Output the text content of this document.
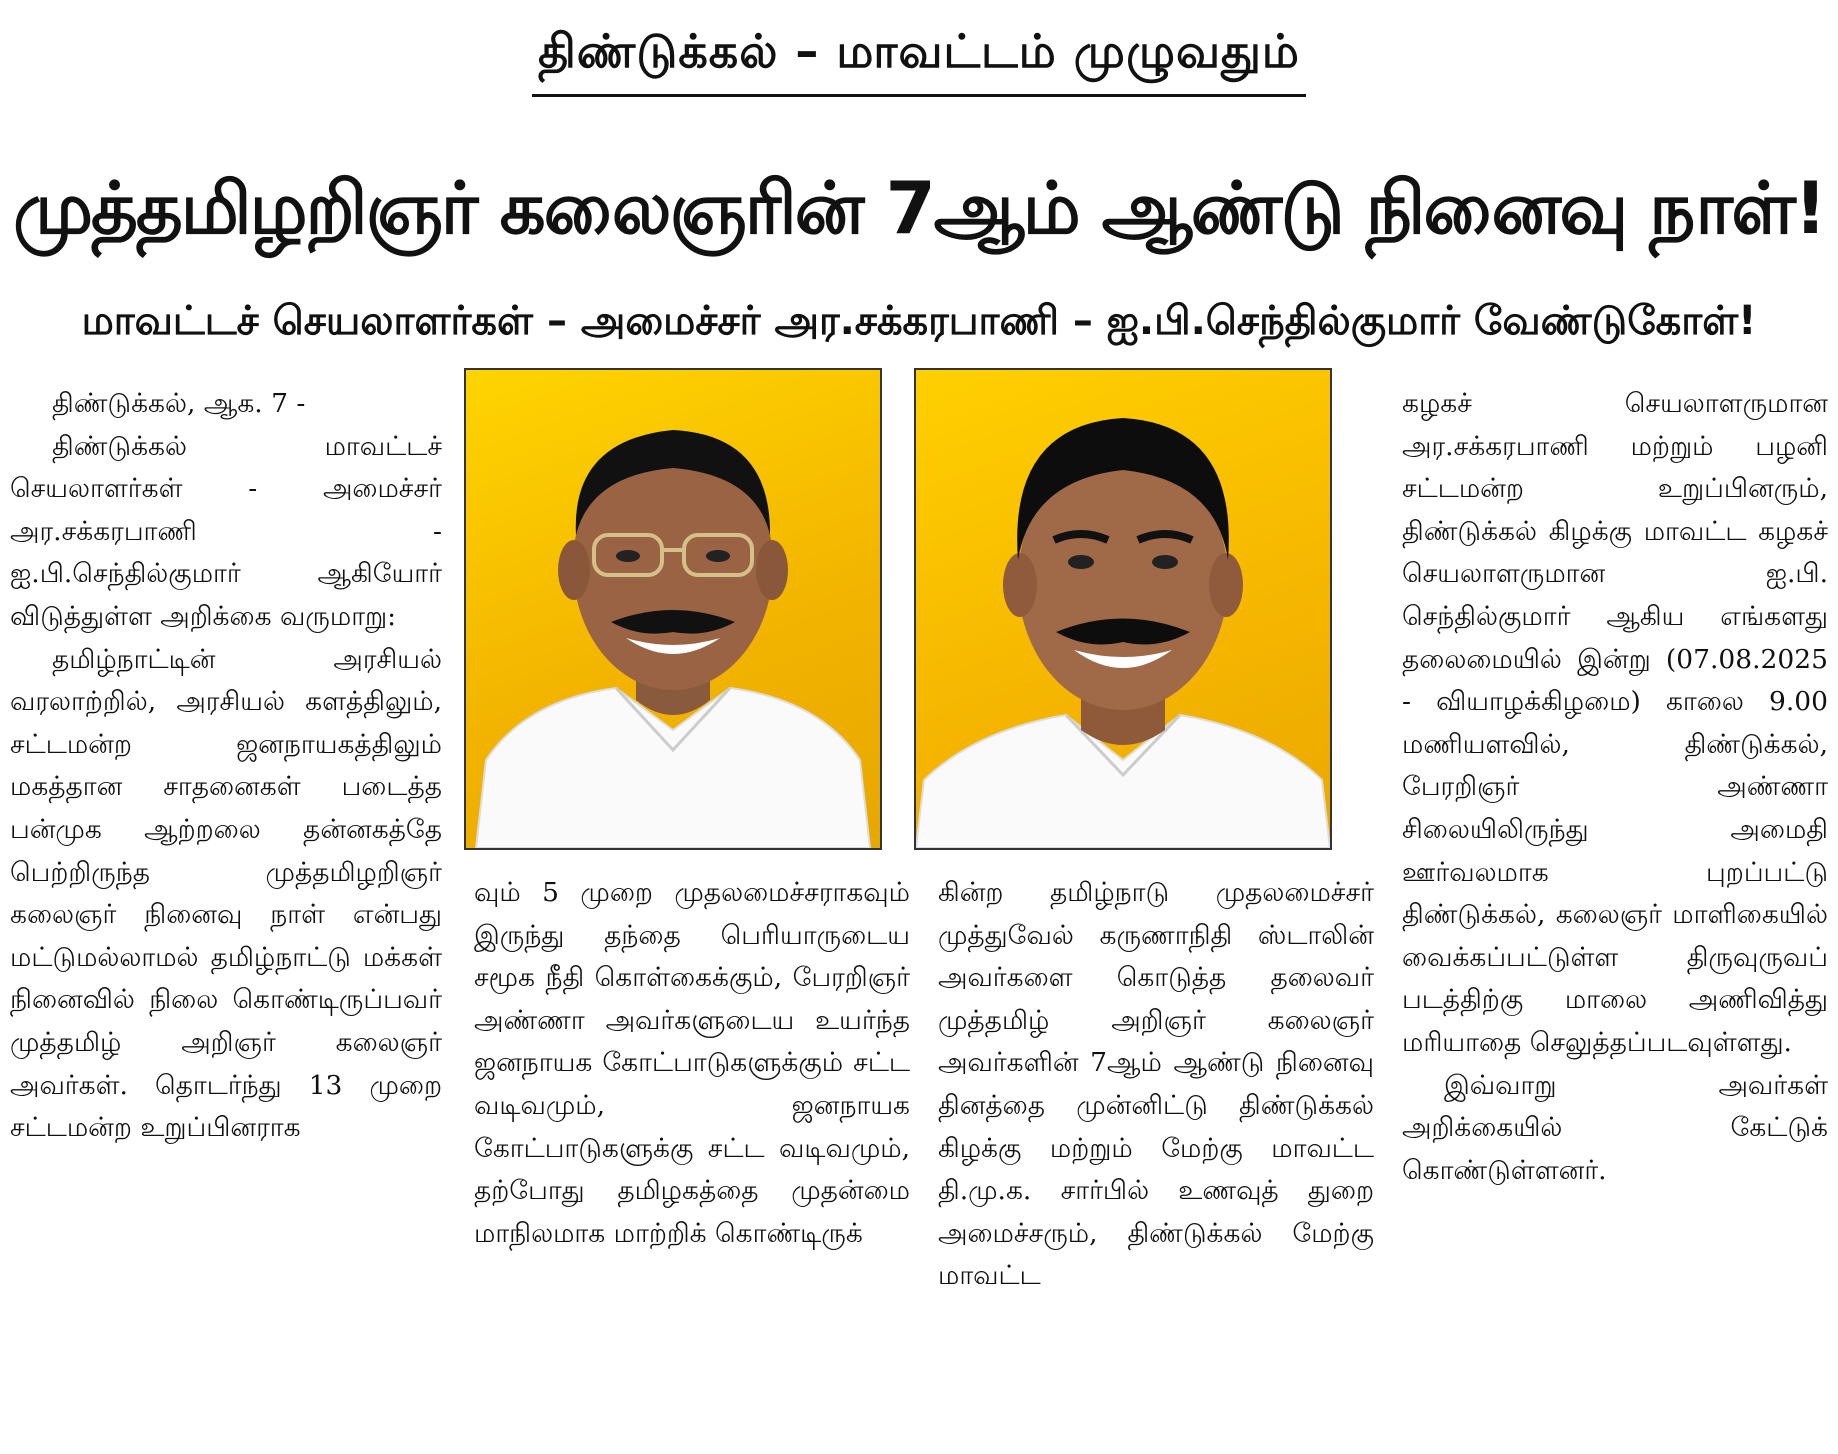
திண்டுக்கல் – மாவட்டம் முழுவதும்
முத்தமிழறிஞர் கலைஞரின் 7ஆம் ஆண்டு நினைவு நாள்!
மாவட்டச் செயலாளர்கள் – அமைச்சர் அர.சக்கரபாணி – ஐ.பி.செந்தில்குமார் வேண்டுகோள்!

திண்டுக்கல், ஆக. 7 -

திண்டுக்கல் மாவட்டச் செயலாளர்கள் - அமைச்சர் அர.சக்கரபாணி - ஐ.பி.செந்தில்குமார் ஆகியோர் விடுத்துள்ள அறிக்கை வருமாறு:

தமிழ்நாட்டின் அரசியல் வரலாற்றில், அரசியல் களத்திலும், சட்டமன்ற ஜனநாயகத்திலும் மகத்தான சாதனைகள் படைத்த பன்முக ஆற்றலை தன்னகத்தே பெற்றிருந்த முத்தமிழறிஞர் கலைஞர் நினைவு நாள் என்பது மட்டுமல்லாமல் தமிழ்நாட்டு மக்கள் நினைவில் நிலை கொண்டிருப்பவர் முத்தமிழ் அறிஞர் கலைஞர் அவர்கள். தொடர்ந்து 13 முறை சட்டமன்ற உறுப்பினராக

வும் 5 முறை முதலமைச்சராகவும் இருந்து தந்தை பெரியாருடைய சமூக நீதி கொள்கைக்கும், பேரறிஞர் அண்ணா அவர்களுடைய உயர்ந்த ஜனநாயக கோட்பாடுகளுக்கும் சட்ட வடிவமும், ஜனநாயக கோட்பாடுகளுக்கு சட்ட வடிவமும், தற்போது தமிழகத்தை முதன்மை மாநிலமாக மாற்றிக் கொண்டிருக்

கின்ற தமிழ்நாடு முதலமைச்சர் முத்துவேல் கருணாநிதி ஸ்டாலின் அவர்களை கொடுத்த தலைவர் முத்தமிழ் அறிஞர் கலைஞர் அவர்களின் 7ஆம் ஆண்டு நினைவு தினத்தை முன்னிட்டு திண்டுக்கல் கிழக்கு மற்றும் மேற்கு மாவட்ட தி.மு.க. சார்பில் உணவுத் துறை அமைச்சரும், திண்டுக்கல் மேற்கு மாவட்ட

கழகச் செயலாளருமான அர.சக்கரபாணி மற்றும் பழனி சட்டமன்ற உறுப்பினரும், திண்டுக்கல் கிழக்கு மாவட்ட கழகச் செயலாளருமான ஐ.பி. செந்தில்குமார் ஆகிய எங்களது தலைமையில் இன்று (07.08.2025 - வியாழக்கிழமை) காலை 9.00 மணியளவில், திண்டுக்கல், பேரறிஞர் அண்ணா சிலையிலிருந்து அமைதி ஊர்வலமாக புறப்பட்டு திண்டுக்கல், கலைஞர் மாளிகையில் வைக்கப்பட்டுள்ள திருவுருவப் படத்திற்கு மாலை அணிவித்து மரியாதை செலுத்தப்படவுள்ளது.

இவ்வாறு அவர்கள் அறிக்கையில் கேட்டுக் கொண்டுள்ளனர்.
